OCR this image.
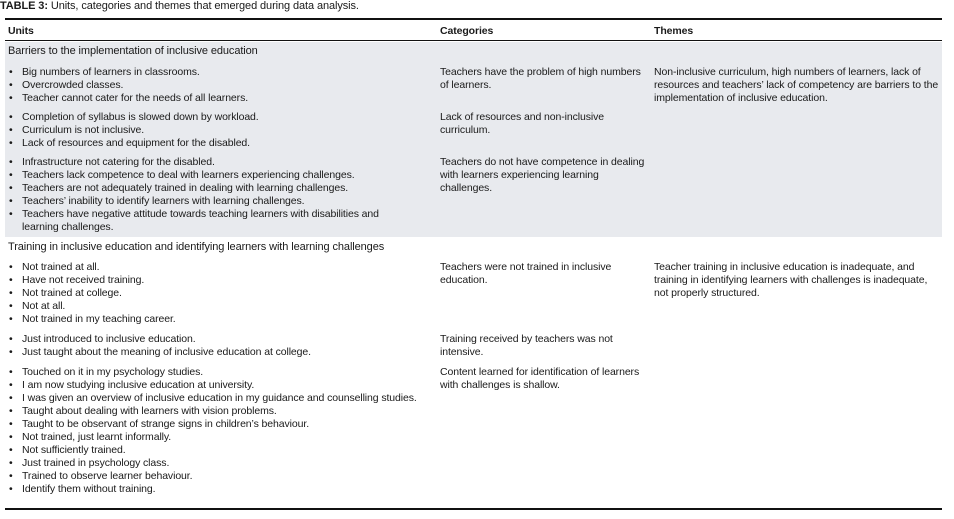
TABLE 3: Units, categories and themes that emerged during data analysis.
Units	Categories	Themes
Barriers to the implementation of inclusive education
Non-inclusive curriculum, high numbers of learners, lack of resources and teachers’ lack of competency are barriers to the implementation of inclusive education.
Teachers have the problem of high numbers of learners.
• Big numbers of learners in classrooms.
• Overcrowded classes.
• Teacher cannot cater for the needs of all learners.
Lack of resources and non-inclusive curriculum.
• Completion of syllabus is slowed down by workload.
• Curriculum is not inclusive.
• Lack of resources and equipment for the disabled.
Teachers do not have competence in dealing with learners experiencing learning challenges.
• Infrastructure not catering for the disabled.
• Teachers lack competence to deal with learners experiencing challenges.
• Teachers are not adequately trained in dealing with learning challenges.
• Teachers’ inability to identify learners with learning challenges.
• Teachers have negative attitude towards teaching learners with disabilities and learning challenges.
Training in inclusive education and identifying learners with learning challenges
Teacher training in inclusive education is inadequate, and training in identifying learners with challenges is inadequate, not properly structured.
Teachers were not trained in inclusive education.
• Not trained at all.
• Have not received training.
• Not trained at college.
• Not at all.
• Not trained in my teaching career.
Training received by teachers was not intensive.
• Just introduced to inclusive education.
• Just taught about the meaning of inclusive education at college.
Content learned for identification of learners with challenges is shallow.
• Touched on it in my psychology studies.
• I am now studying inclusive education at university.
• I was given an overview of inclusive education in my guidance and counselling studies.
• Taught about dealing with learners with vision problems.
• Taught to be observant of strange signs in children’s behaviour.
• Not trained, just learnt informally.
• Not sufficiently trained.
• Just trained in psychology class.
• Trained to observe learner behaviour.
• Identify them without training.
